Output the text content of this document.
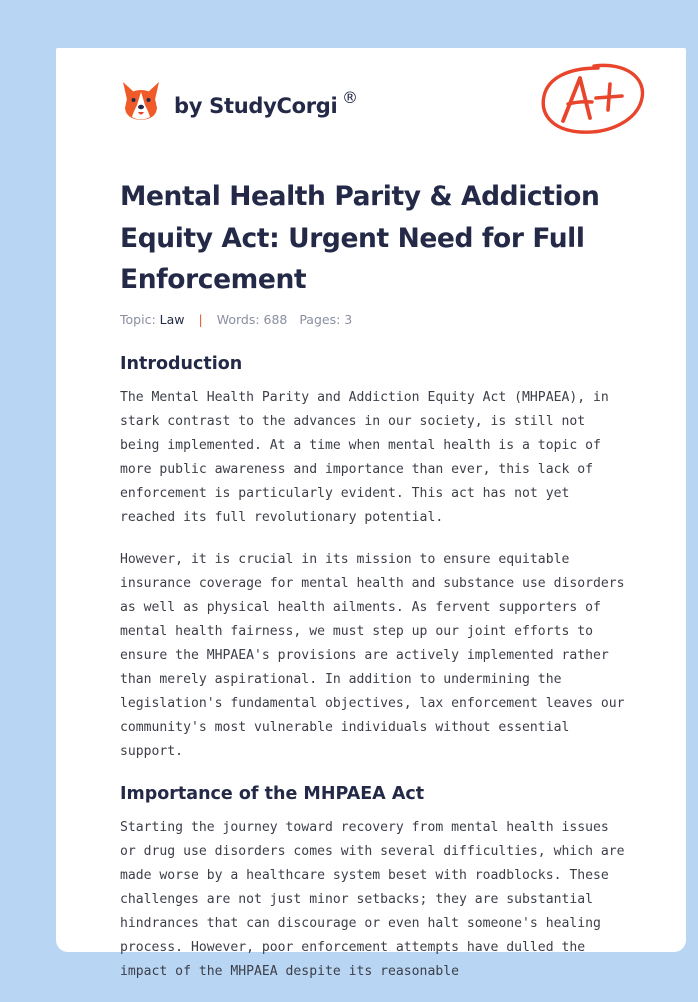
by StudyCorgi ®
Mental Health Parity & Addiction Equity Act: Urgent Need for Full Enforcement
Topic: Law | Words: 688 Pages: 3
Introduction

The Mental Health Parity and Addiction Equity Act (MHPAEA), in stark contrast to the advances in our society, is still not being implemented. At a time when mental health is a topic of more public awareness and importance than ever, this lack of enforcement is particularly evident. This act has not yet reached its full revolutionary potential.

However, it is crucial in its mission to ensure equitable insurance coverage for mental health and substance use disorders as well as physical health ailments. As fervent supporters of mental health fairness, we must step up our joint efforts to ensure the MHPAEA's provisions are actively implemented rather than merely aspirational. In addition to undermining the legislation's fundamental objectives, lax enforcement leaves our community's most vulnerable individuals without essential support.

Importance of the MHPAEA Act

Starting the journey toward recovery from mental health issues or drug use disorders comes with several difficulties, which are made worse by a healthcare system beset with roadblocks. These challenges are not just minor setbacks; they are substantial hindrances that can discourage or even halt someone's healing process. However, poor enforcement attempts have dulled the impact of the MHPAEA despite its reasonable
